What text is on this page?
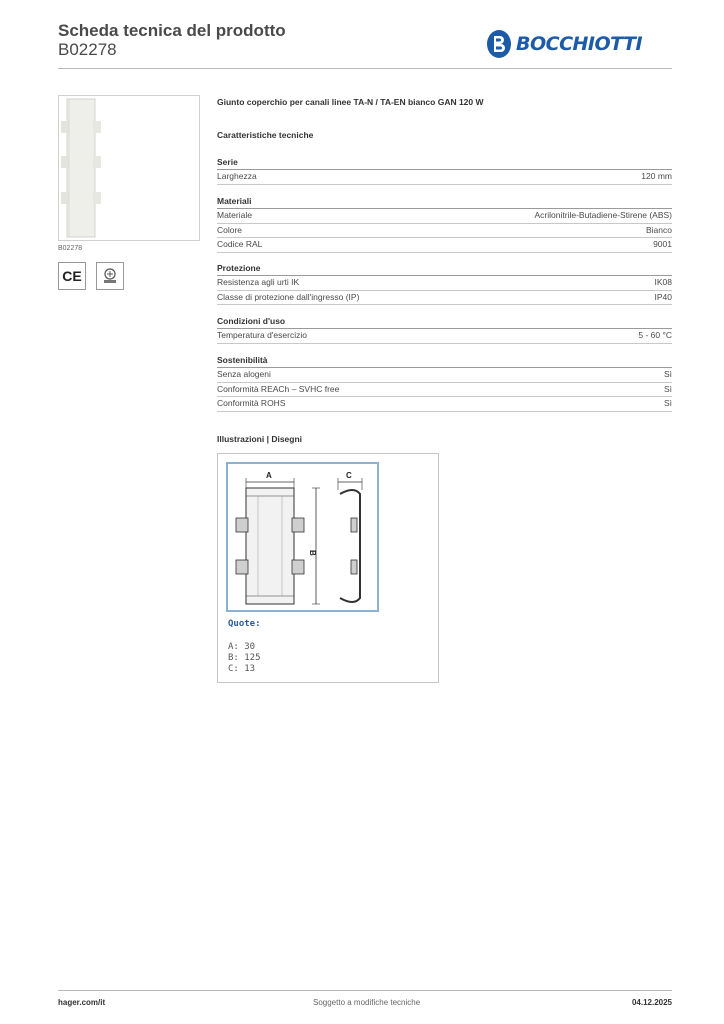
Scheda tecnica del prodotto
B02278	BOCCHIOTTI
B02278
CE
Giunto coperchio per canali linee TA-N / TA-EN bianco GAN 120 W
Caratteristiche tecniche
Serie
Larghezza	120 mm
Materiali
Materiale	Acrilonitrile-Butadiene-Stirene (ABS)
Colore	Bianco
Codice RAL	9001
Protezione
Resistenza agli urti IK	IK08
Classe di protezione dall'ingresso (IP)	IP40
Condizioni d'uso
Temperatura d'esercizio	5 - 60 °C
Sostenibilità
Senza alogeni	Sì
Conformità REACh – SVHC free	Sì
Conformità ROHS	Sì
Illustrazioni | Disegni
A
B
C
Quote:
A: 30
B: 125
C: 13
hager.com/it	Soggetto a modifiche tecniche	04.12.2025
